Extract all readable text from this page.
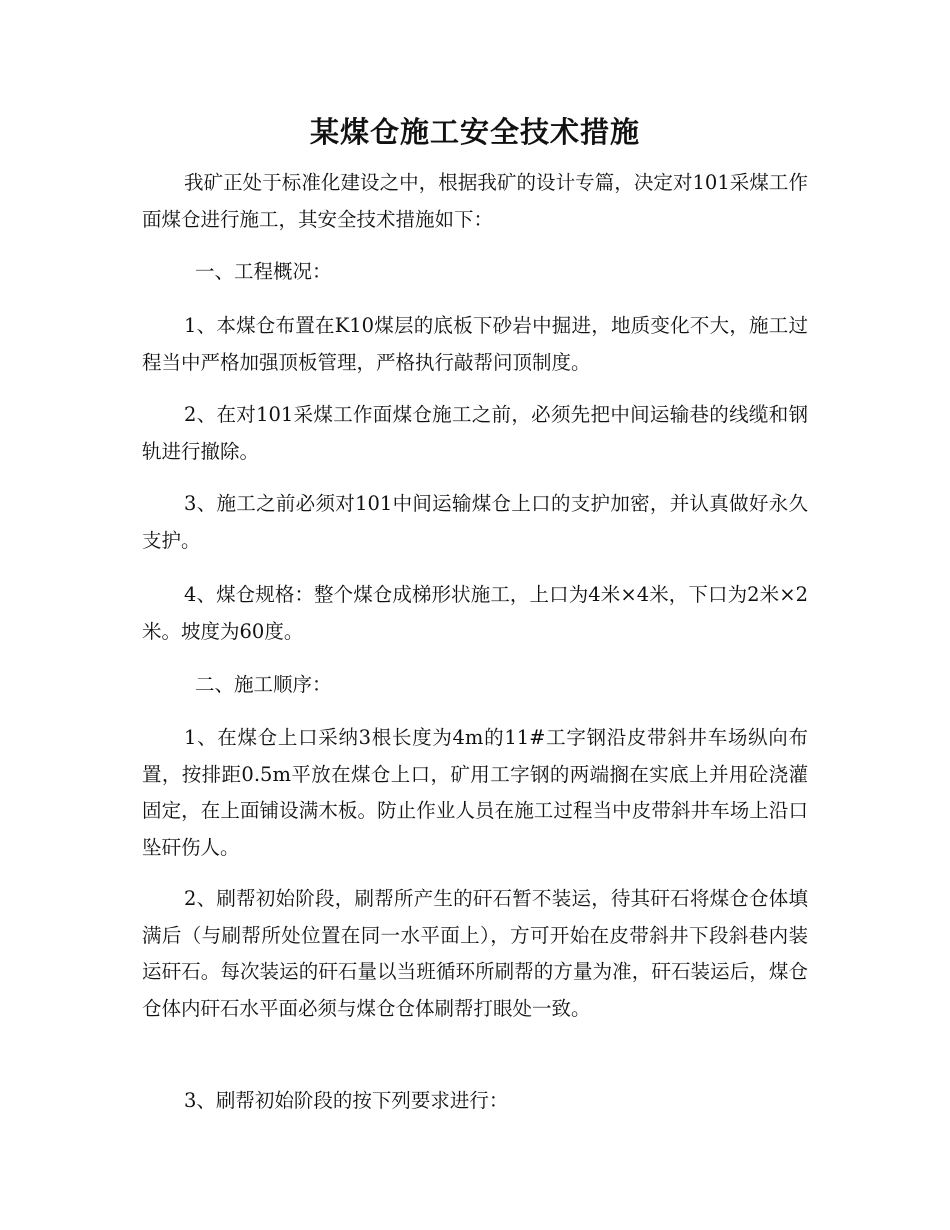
某煤仓施工安全技术措施

我矿正处于标准化建设之中，根据我矿的设计专篇，决定对101采煤工作面煤仓进行施工，其安全技术措施如下：

一、工程概况：

1、本煤仓布置在K10煤层的底板下砂岩中掘进，地质变化不大，施工过程当中严格加强顶板管理，严格执行敲帮问顶制度。

2、在对101采煤工作面煤仓施工之前，必须先把中间运输巷的线缆和钢轨进行撤除。

3、施工之前必须对101中间运输煤仓上口的支护加密，并认真做好永久支护。

4、煤仓规格：整个煤仓成梯形状施工，上口为4米×4米，下口为2米×2米。坡度为60度。

二、施工顺序：

1、在煤仓上口采纳3根长度为4m的11#工字钢沿皮带斜井车场纵向布置，按排距0.5m平放在煤仓上口，矿用工字钢的两端搁在实底上并用砼浇灌固定，在上面铺设满木板。防止作业人员在施工过程当中皮带斜井车场上沿口坠矸伤人。

2、刷帮初始阶段，刷帮所产生的矸石暂不装运，待其矸石将煤仓仓体填满后（与刷帮所处位置在同一水平面上），方可开始在皮带斜井下段斜巷内装运矸石。每次装运的矸石量以当班循环所刷帮的方量为准，矸石装运后，煤仓仓体内矸石水平面必须与煤仓仓体刷帮打眼处一致。

3、刷帮初始阶段的按下列要求进行：
